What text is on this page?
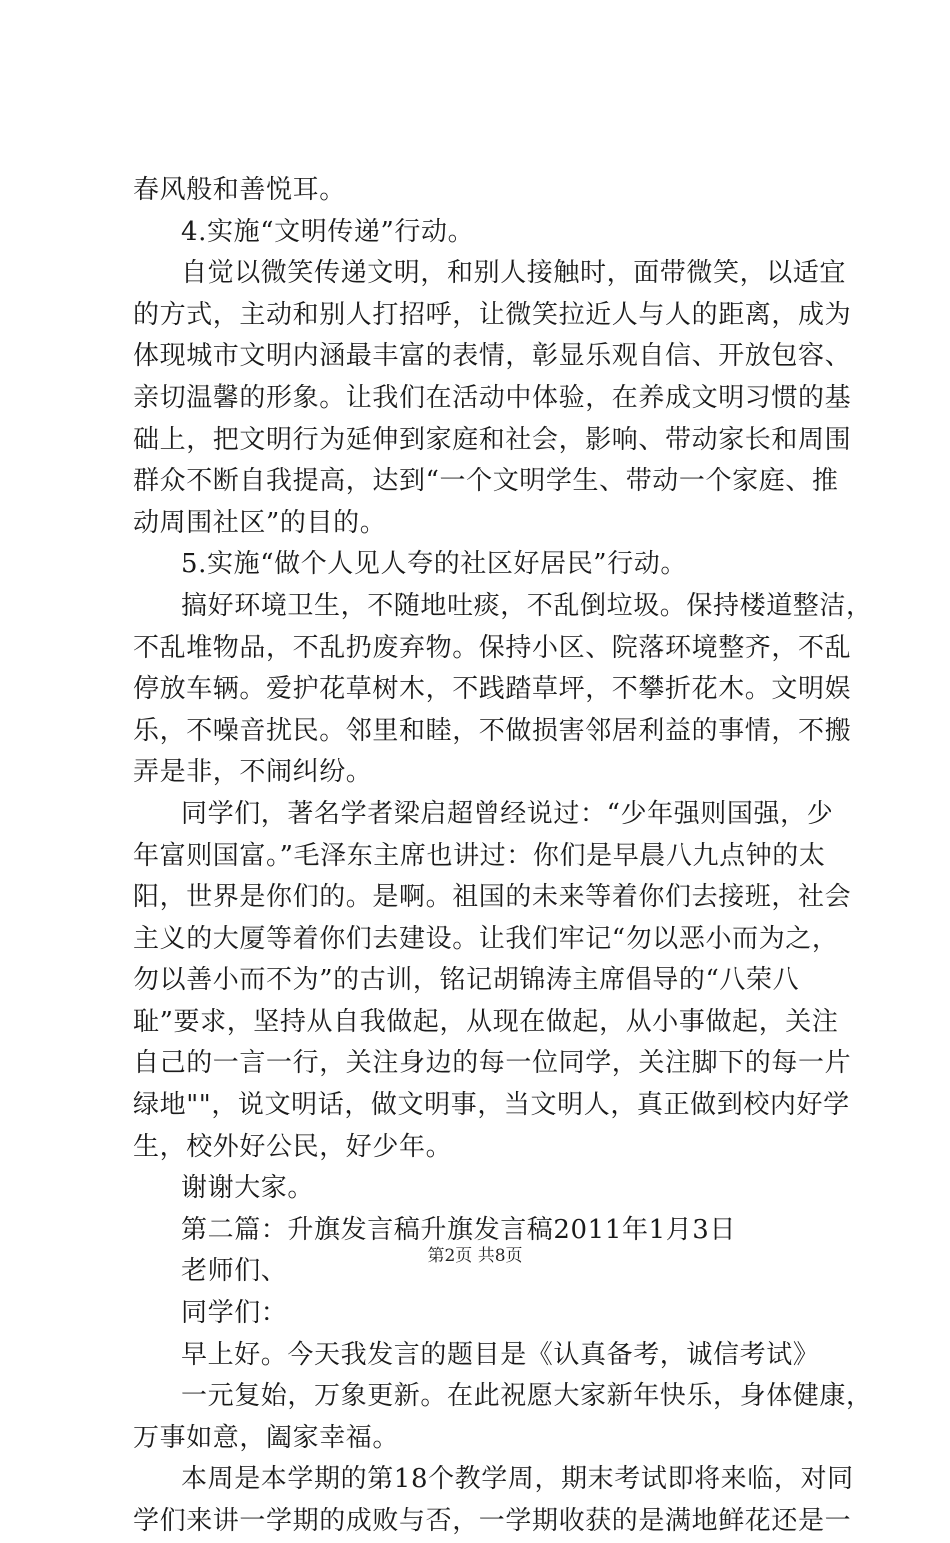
春风般和善悦耳。
4.实施“文明传递”行动。
自觉以微笑传递文明，和别人接触时，面带微笑，以适宜
的方式，主动和别人打招呼，让微笑拉近人与人的距离，成为
体现城市文明内涵最丰富的表情，彰显乐观自信、开放包容、
亲切温馨的形象。让我们在活动中体验，在养成文明习惯的基
础上，把文明行为延伸到家庭和社会，影响、带动家长和周围
群众不断自我提高，达到“一个文明学生、带动一个家庭、推
动周围社区”的目的。
5.实施“做个人见人夸的社区好居民”行动。
搞好环境卫生，不随地吐痰，不乱倒垃圾。保持楼道整洁，
不乱堆物品，不乱扔废弃物。保持小区、院落环境整齐，不乱
停放车辆。爱护花草树木，不践踏草坪，不攀折花木。文明娱
乐，不噪音扰民。邻里和睦，不做损害邻居利益的事情，不搬
弄是非，不闹纠纷。
同学们，著名学者梁启超曾经说过：“少年强则国强，少
年富则国富。”毛泽东主席也讲过：你们是早晨八九点钟的太
阳，世界是你们的。是啊。祖国的未来等着你们去接班，社会
主义的大厦等着你们去建设。让我们牢记“勿以恶小而为之，
勿以善小而不为”的古训，铭记胡锦涛主席倡导的“八荣八
耻”要求，坚持从自我做起，从现在做起，从小事做起，关注
自己的一言一行，关注身边的每一位同学，关注脚下的每一片
绿地""，说文明话，做文明事，当文明人，真正做到校内好学
生，校外好公民，好少年。
谢谢大家。
第二篇：升旗发言稿升旗发言稿2011年1月3日
老师们、
同学们：
早上好。今天我发言的题目是《认真备考，诚信考试》
一元复始，万象更新。在此祝愿大家新年快乐，身体健康，
万事如意，阖家幸福。
本周是本学期的第18个教学周，期末考试即将来临，对同
学们来讲一学期的成败与否，一学期收获的是满地鲜花还是一
第2页 共8页
